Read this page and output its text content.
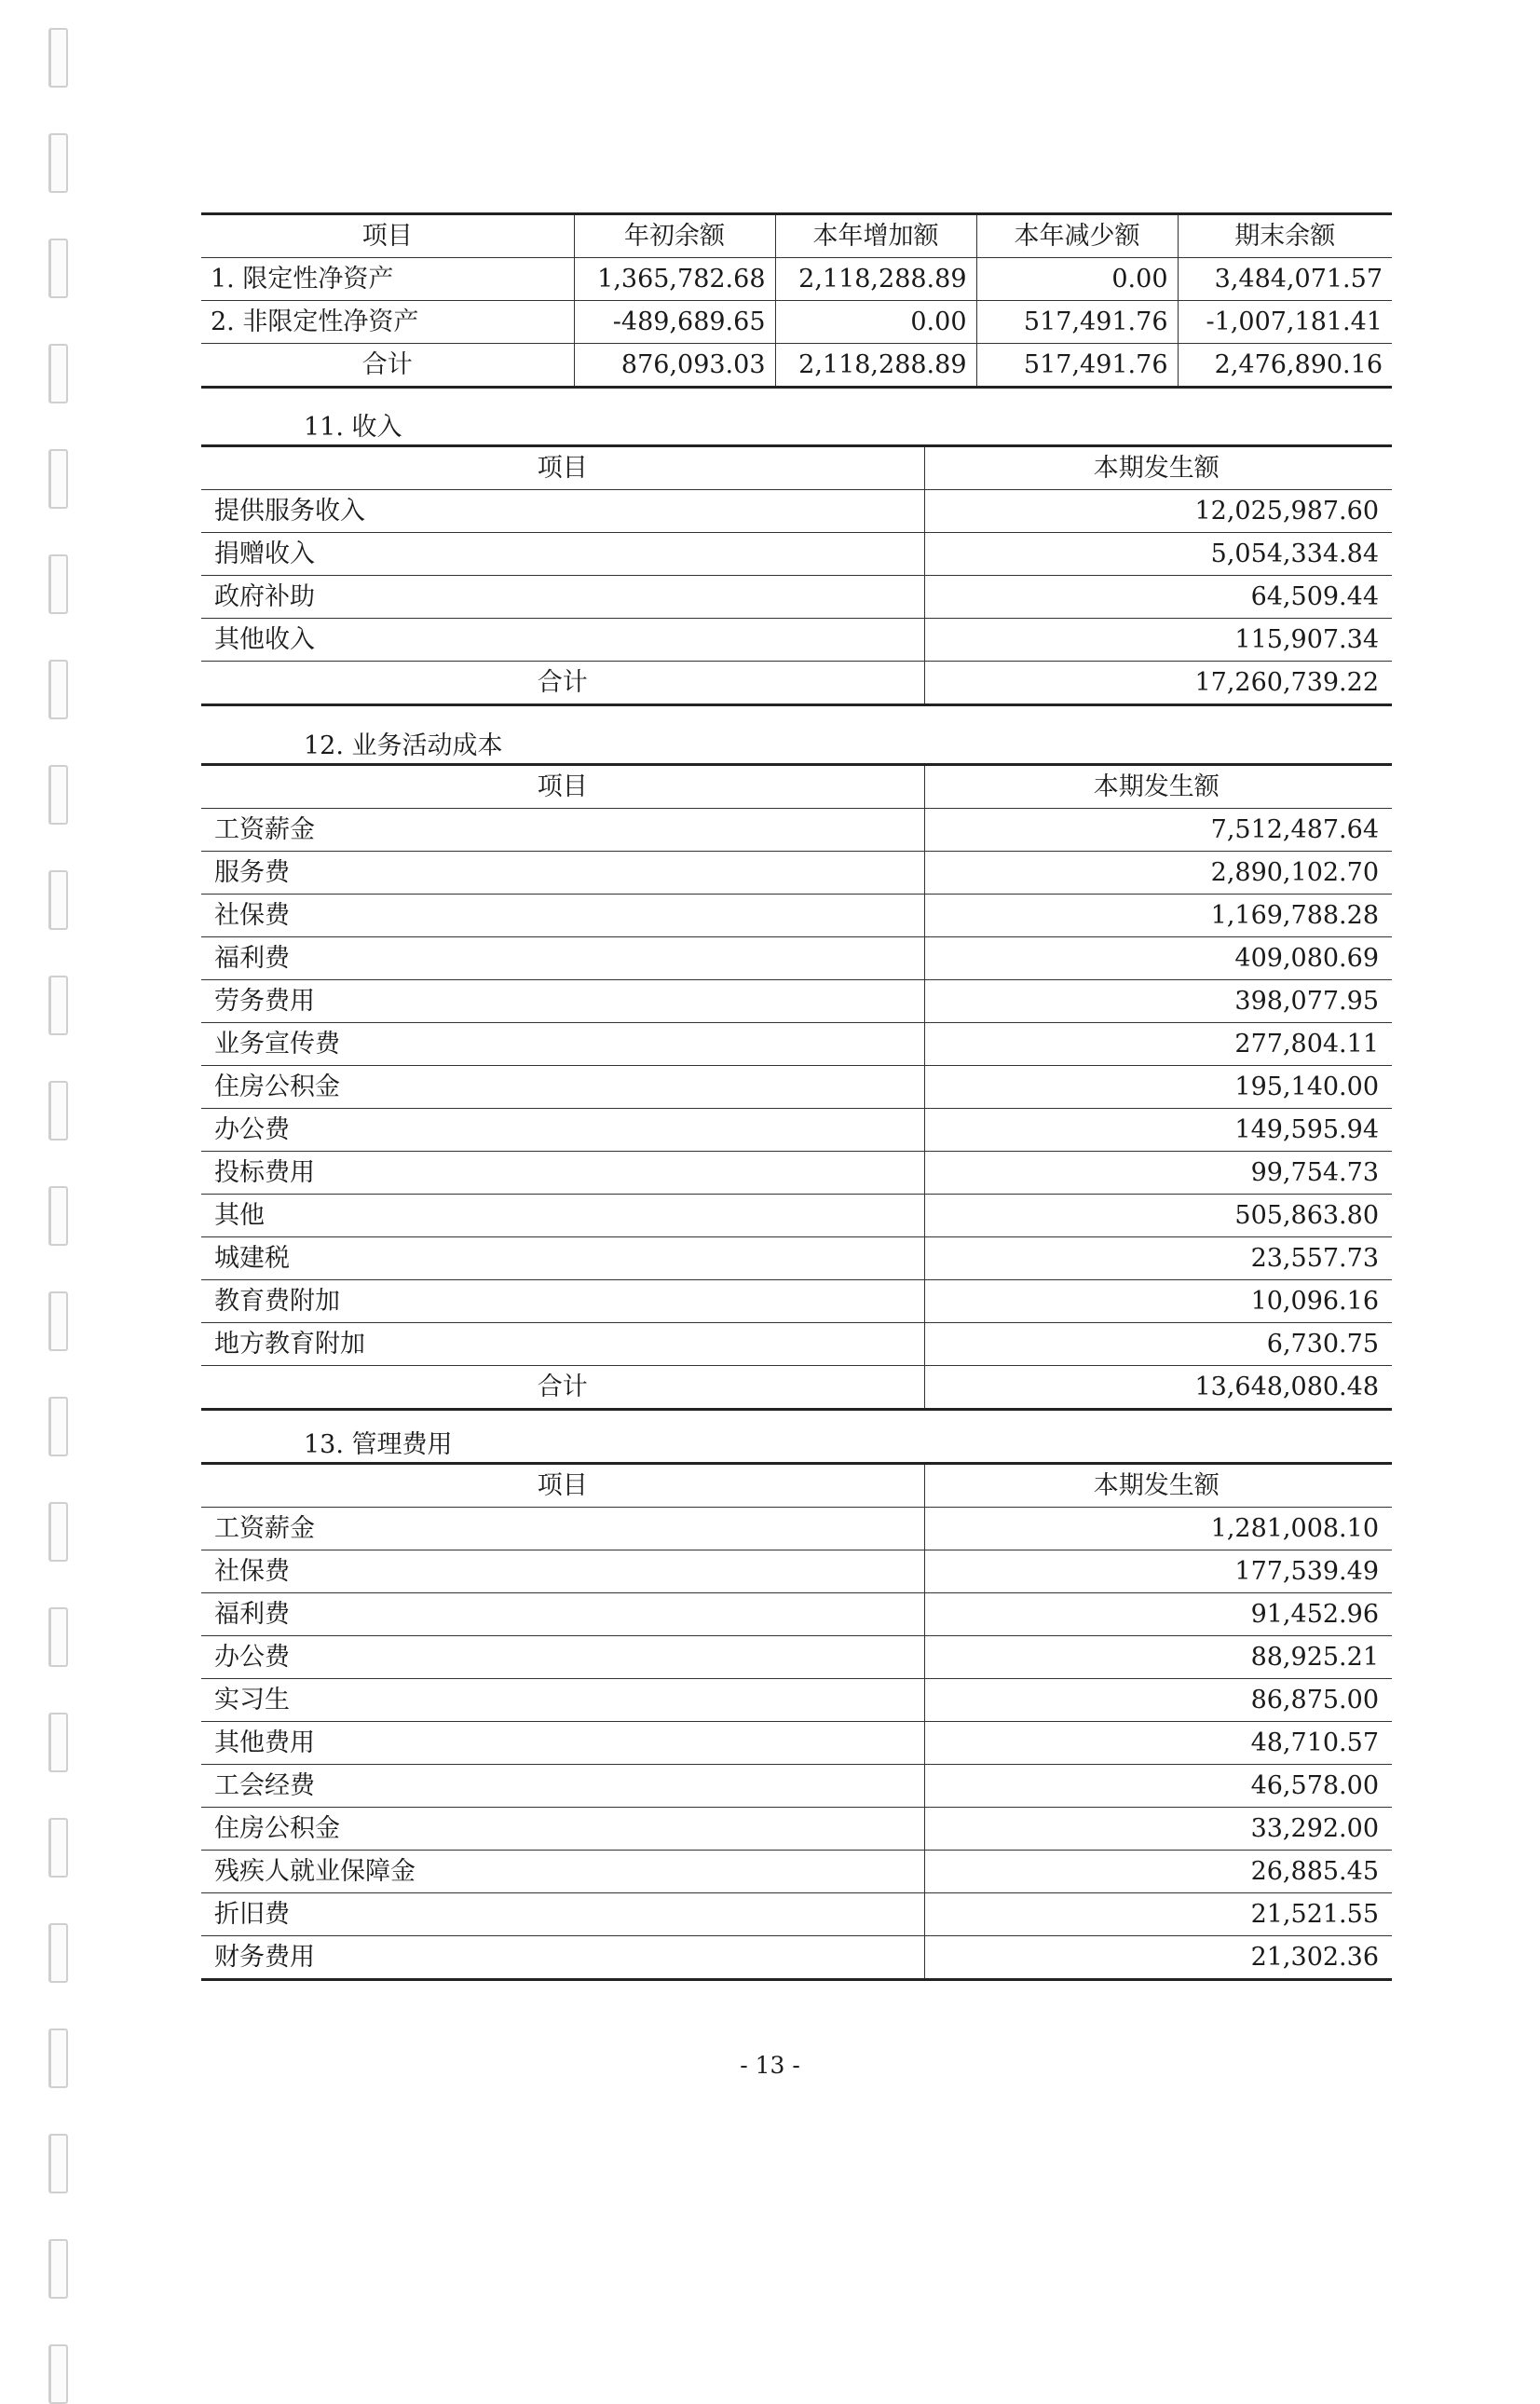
项目	年初余额	本年增加额	本年减少额	期末余额
1. 限定性净资产	1,365,782.68	2,118,288.89	0.00	3,484,071.57
2. 非限定性净资产	-489,689.65	0.00	517,491.76	-1,007,181.41
合计	876,093.03	2,118,288.89	517,491.76	2,476,890.16
11. 收入
项目	本期发生额
提供服务收入	12,025,987.60
捐赠收入	5,054,334.84
政府补助	64,509.44
其他收入	115,907.34
合计	17,260,739.22
12. 业务活动成本
项目	本期发生额
工资薪金	7,512,487.64
服务费	2,890,102.70
社保费	1,169,788.28
福利费	409,080.69
劳务费用	398,077.95
业务宣传费	277,804.11
住房公积金	195,140.00
办公费	149,595.94
投标费用	99,754.73
其他	505,863.80
城建税	23,557.73
教育费附加	10,096.16
地方教育附加	6,730.75
合计	13,648,080.48
13. 管理费用
项目	本期发生额
工资薪金	1,281,008.10
社保费	177,539.49
福利费	91,452.96
办公费	88,925.21
实习生	86,875.00
其他费用	48,710.57
工会经费	46,578.00
住房公积金	33,292.00
残疾人就业保障金	26,885.45
折旧费	21,521.55
财务费用	21,302.36
- 13 -
